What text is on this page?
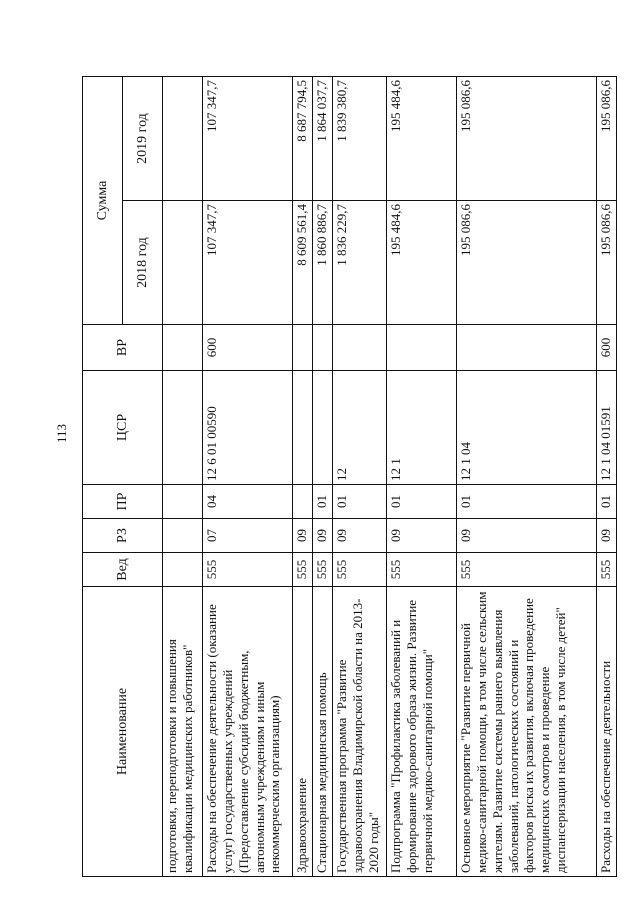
113
Наименование	Вед	РЗ	ПР	ЦСР	ВР	Сумма	
						2018 год	2019 год
подготовки, переподготовки и повышения квалификации медицинских работников"							
Расходы на обеспечение деятельности (оказание услуг) государственных учреждений (Предоставление субсидий бюджетным, автономным учреждениям и иным некоммерческим организациям)	555	07	04	12 6 01 00590	600	107 347,7	107 347,7
Здравоохранение	555	09				8 609 561,4	8 687 794,5
Стационарная медицинская помощь	555	09	01			1 860 886,7	1 864 037,7
Государственная программа "Развитие здравоохранения Владимирской области на 2013-2020 годы"	555	09	01	12		1 836 229,7	1 839 380,7
Подпрограмма "Профилактика заболеваний и формирование здорового образа жизни. Развитие первичной медико-санитарной помощи"	555	09	01	12 1		195 484,6	195 484,6
Основное мероприятие "Развитие первичной медико-санитарной помощи, в том числе сельским жителям. Развитие системы раннего выявления заболеваний, патологических состояний и факторов риска их развития, включая проведение медицинских осмотров и проведение диспансеризации населения, в том числе детей"	555	09	01	12 1 04		195 086,6	195 086,6
Расходы на обеспечение деятельности	555	09	01	12 1 04 01591	600	195 086,6	195 086,6
